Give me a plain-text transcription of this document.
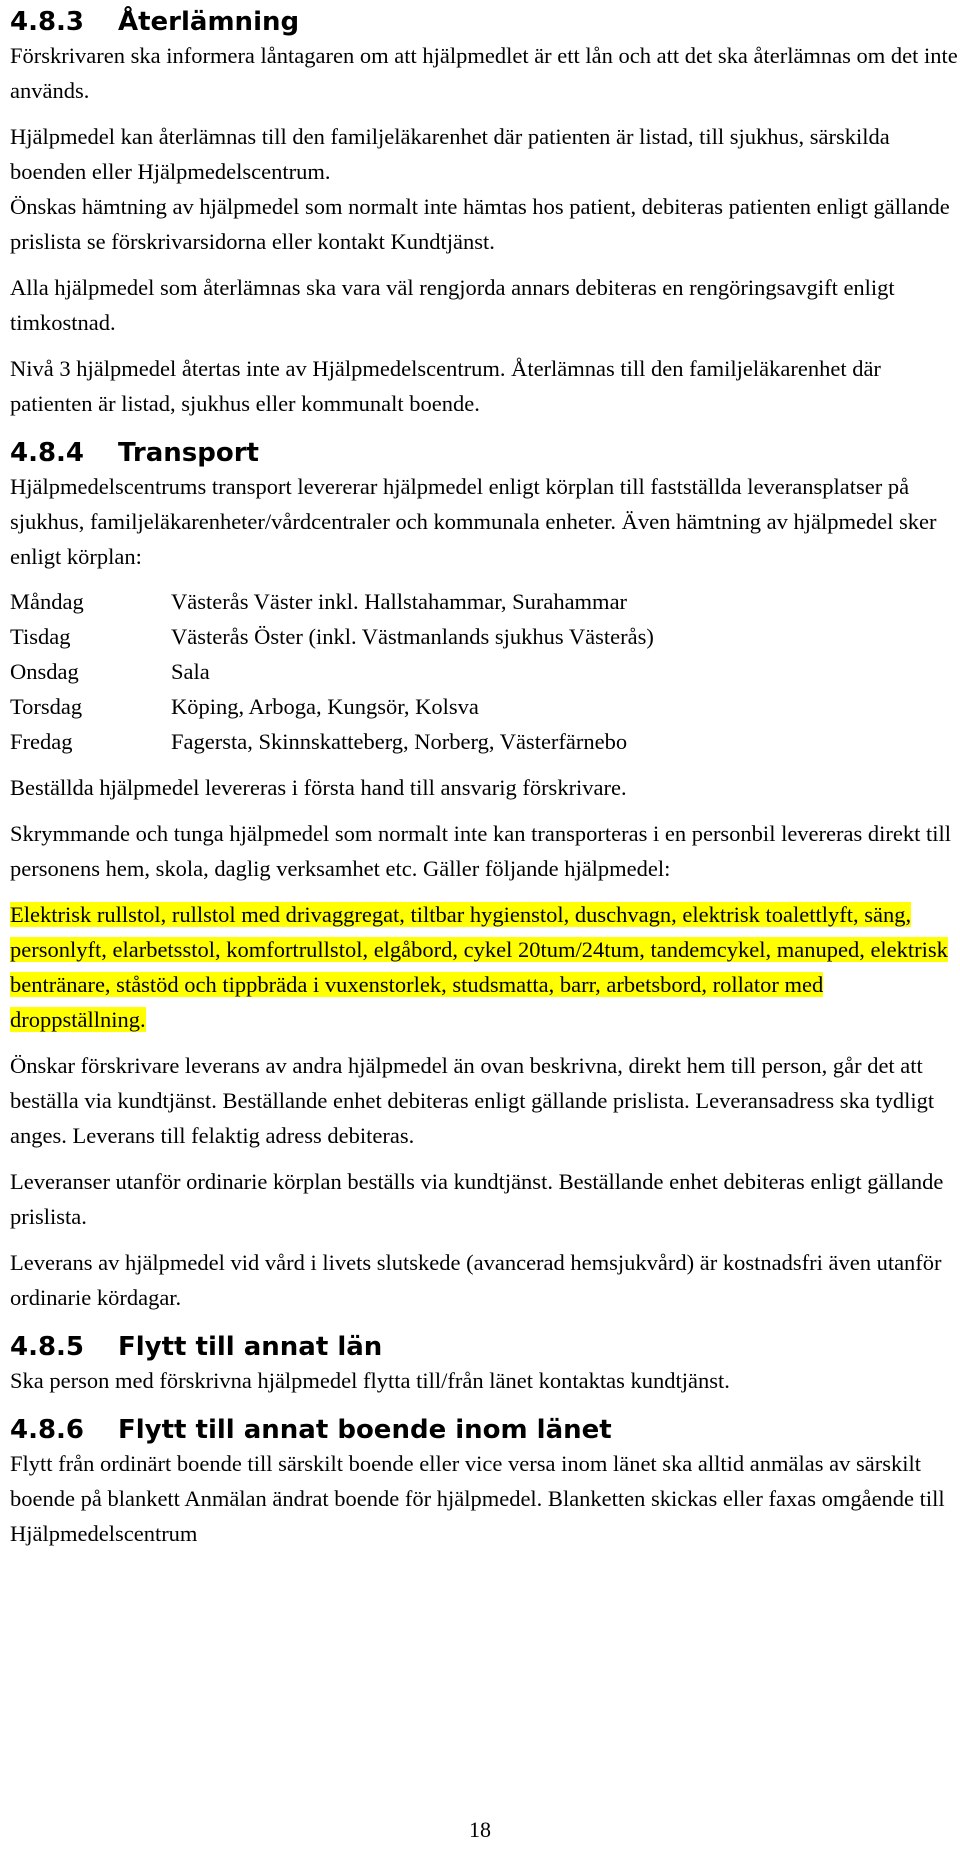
4.8.3 Återlämning

Förskrivaren ska informera låntagaren om att hjälpmedlet är ett lån och att det ska återlämnas om det inte används.

Hjälpmedel kan återlämnas till den familjeläkarenhet där patienten är listad, till sjukhus, särskilda boenden eller Hjälpmedelscentrum.

Önskas hämtning av hjälpmedel som normalt inte hämtas hos patient, debiteras patienten enligt gällande prislista se förskrivarsidorna eller kontakt Kundtjänst.

Alla hjälpmedel som återlämnas ska vara väl rengjorda annars debiteras en rengöringsavgift enligt timkostnad.

Nivå 3 hjälpmedel återtas inte av Hjälpmedelscentrum. Återlämnas till den familjeläkarenhet där patienten är listad, sjukhus eller kommunalt boende.

4.8.4 Transport

Hjälpmedelscentrums transport levererar hjälpmedel enligt körplan till fastställda leveransplatser på sjukhus, familjeläkarenheter/vårdcentraler och kommunala enheter. Även hämtning av hjälpmedel sker enligt körplan:

Måndag	Västerås Väster inkl. Hallstahammar, Surahammar
Tisdag	Västerås Öster (inkl. Västmanlands sjukhus Västerås)
Onsdag	Sala
Torsdag	Köping, Arboga, Kungsör, Kolsva
Fredag	Fagersta, Skinnskatteberg, Norberg, Västerfärnebo

Beställda hjälpmedel levereras i första hand till ansvarig förskrivare.

Skrymmande och tunga hjälpmedel som normalt inte kan transporteras i en personbil levereras direkt till personens hem, skola, daglig verksamhet etc. Gäller följande hjälpmedel:

Elektrisk rullstol, rullstol med drivaggregat, tiltbar hygienstol, duschvagn, elektrisk toalettlyft, säng, personlyft, elarbetsstol, komfortrullstol, elgåbord, cykel 20tum/24tum, tandemcykel, manuped, elektrisk bentränare, ståstöd och tippbräda i vuxenstorlek, studsmatta, barr, arbetsbord, rollator med droppställning.

Önskar förskrivare leverans av andra hjälpmedel än ovan beskrivna, direkt hem till person, går det att beställa via kundtjänst. Beställande enhet debiteras enligt gällande prislista. Leveransadress ska tydligt anges. Leverans till felaktig adress debiteras.

Leveranser utanför ordinarie körplan beställs via kundtjänst. Beställande enhet debiteras enligt gällande prislista.

Leverans av hjälpmedel vid vård i livets slutskede (avancerad hemsjukvård) är kostnadsfri även utanför ordinarie kördagar.

4.8.5 Flytt till annat län

Ska person med förskrivna hjälpmedel flytta till/från länet kontaktas kundtjänst.

4.8.6 Flytt till annat boende inom länet

Flytt från ordinärt boende till särskilt boende eller vice versa inom länet ska alltid anmälas av särskilt boende på blankett Anmälan ändrat boende för hjälpmedel. Blanketten skickas eller faxas omgående till Hjälpmedelscentrum

18
